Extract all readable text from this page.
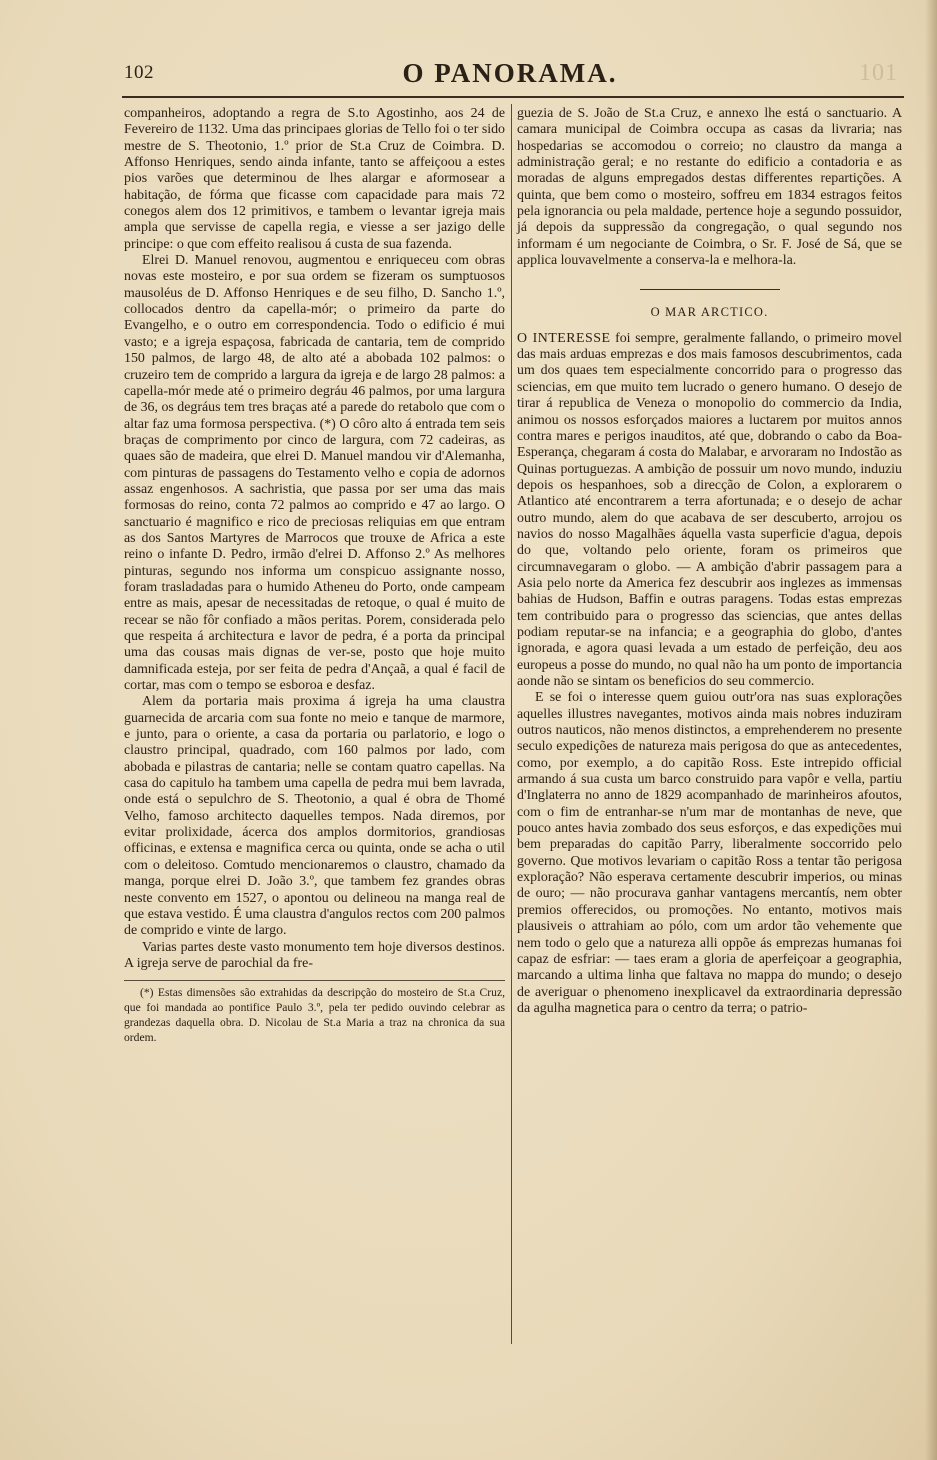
102	O PANORAMA.	101

companheiros, adoptando a regra de S.to Agostinho, aos 24 de Fevereiro de 1132. Uma das principaes glorias de Tello foi o ter sido mestre de S. Theotonio, 1.º prior de St.a Cruz de Coimbra. D. Affonso Henriques, sendo ainda infante, tanto se affeiçoou a estes pios varões que determinou de lhes alargar e aformosear a habitação, de fórma que ficasse com capacidade para mais 72 conegos alem dos 12 primitivos, e tambem o levantar igreja mais ampla que servisse de capella regia, e viesse a ser jazigo delle principe: o que com effeito realisou á custa de sua fazenda.

Elrei D. Manuel renovou, augmentou e enriqueceu com obras novas este mosteiro, e por sua ordem se fizeram os sumptuosos mausoléus de D. Affonso Henriques e de seu filho, D. Sancho 1.º, collocados dentro da capella-mór; o primeiro da parte do Evangelho, e o outro em correspondencia. Todo o edificio é mui vasto; e a igreja espaçosa, fabricada de cantaria, tem de comprido 150 palmos, de largo 48, de alto até a abobada 102 palmos: o cruzeiro tem de comprido a largura da igreja e de largo 28 palmos: a capella-mór mede até o primeiro degráu 46 palmos, por uma largura de 36, os degráus tem tres braças até a parede do retabolo que com o altar faz uma formosa perspectiva. (*) O côro alto á entrada tem seis braças de comprimento por cinco de largura, com 72 cadeiras, as quaes são de madeira, que elrei D. Manuel mandou vir d'Alemanha, com pinturas de passagens do Testamento velho e copia de adornos assaz engenhosos. A sachristia, que passa por ser uma das mais formosas do reino, conta 72 palmos ao comprido e 47 ao largo. O sanctuario é magnifico e rico de preciosas reliquias em que entram as dos Santos Martyres de Marrocos que trouxe de Africa a este reino o infante D. Pedro, irmão d'elrei D. Affonso 2.º As melhores pinturas, segundo nos informa um conspicuo assignante nosso, foram trasladadas para o humido Atheneu do Porto, onde campeam entre as mais, apesar de necessitadas de retoque, o qual é muito de recear se não fôr confiado a mãos peritas. Porem, considerada pelo que respeita á architectura e lavor de pedra, é a porta da principal uma das cousas mais dignas de ver-se, posto que hoje muito damnificada esteja, por ser feita de pedra d'Ançaã, a qual é facil de cortar, mas com o tempo se esboroa e desfaz.

Alem da portaria mais proxima á igreja ha uma claustra guarnecida de arcaria com sua fonte no meio e tanque de marmore, e junto, para o oriente, a casa da portaria ou parlatorio, e logo o claustro principal, quadrado, com 160 palmos por lado, com abobada e pilastras de cantaria; nelle se contam quatro capellas. Na casa do capitulo ha tambem uma capella de pedra mui bem lavrada, onde está o sepulchro de S. Theotonio, a qual é obra de Thomé Velho, famoso architecto daquelles tempos. Nada diremos, por evitar prolixidade, ácerca dos amplos dormitorios, grandiosas officinas, e extensa e magnifica cerca ou quinta, onde se acha o util com o deleitoso. Comtudo mencionaremos o claustro, chamado da manga, porque elrei D. João 3.º, que tambem fez grandes obras neste convento em 1527, o apontou ou delineou na manga real de que estava vestido. É uma claustra d'angulos rectos com 200 palmos de comprido e vinte de largo.

Varias partes deste vasto monumento tem hoje diversos destinos. A igreja serve de parochial da fre-

(*) Estas dimensões são extrahidas da descripção do mosteiro de St.a Cruz, que foi mandada ao pontifice Paulo 3.º, pela ter pedido ouvindo celebrar as grandezas daquella obra. D. Nicolau de St.a Maria a traz na chronica da sua ordem.

guezia de S. João de St.a Cruz, e annexo lhe está o sanctuario. A camara municipal de Coimbra occupa as casas da livraria; nas hospedarias se accomodou o correio; no claustro da manga a administração geral; e no restante do edificio a contadoria e as moradas de alguns empregados destas differentes repartições. A quinta, que bem como o mosteiro, soffreu em 1834 estragos feitos pela ignorancia ou pela maldade, pertence hoje a segundo possuidor, já depois da suppressão da congregação, o qual segundo nos informam é um negociante de Coimbra, o Sr. F. José de Sá, que se applica louvavelmente a conserva-la e melhora-la.

O MAR ARCTICO.

O INTERESSE foi sempre, geralmente fallando, o primeiro movel das mais arduas emprezas e dos mais famosos descubrimentos, cada um dos quaes tem especialmente concorrido para o progresso das sciencias, em que muito tem lucrado o genero humano. O desejo de tirar á republica de Veneza o monopolio do commercio da India, animou os nossos esforçados maiores a luctarem por muitos annos contra mares e perigos inauditos, até que, dobrando o cabo da Boa-Esperança, chegaram á costa do Malabar, e arvoraram no Indostão as Quinas portuguezas. A ambição de possuir um novo mundo, induziu depois os hespanhoes, sob a direcção de Colon, a explorarem o Atlantico até encontrarem a terra afortunada; e o desejo de achar outro mundo, alem do que acabava de ser descuberto, arrojou os navios do nosso Magalhães áquella vasta superficie d'agua, depois do que, voltando pelo oriente, foram os primeiros que circumnavegaram o globo. — A ambição d'abrir passagem para a Asia pelo norte da America fez descubrir aos inglezes as immensas bahias de Hudson, Baffin e outras paragens. Todas estas emprezas tem contribuido para o progresso das sciencias, que antes dellas podiam reputar-se na infancia; e a geographia do globo, d'antes ignorada, e agora quasi levada a um estado de perfeição, deu aos europeus a posse do mundo, no qual não ha um ponto de importancia aonde não se sintam os beneficios do seu commercio.

E se foi o interesse quem guiou outr'ora nas suas explorações aquelles illustres navegantes, motivos ainda mais nobres induziram outros nauticos, não menos distinctos, a emprehenderem no presente seculo expedições de natureza mais perigosa do que as antecedentes, como, por exemplo, a do capitão Ross. Este intrepido official armando á sua custa um barco construido para vapôr e vella, partiu d'Inglaterra no anno de 1829 acompanhado de marinheiros afoutos, com o fim de entranhar-se n'um mar de montanhas de neve, que pouco antes havia zombado dos seus esforços, e das expedições mui bem preparadas do capitão Parry, liberalmente soccorrido pelo governo. Que motivos levariam o capitão Ross a tentar tão perigosa exploração? Não esperava certamente descubrir imperios, ou minas de ouro; — não procurava ganhar vantagens mercantís, nem obter premios offerecidos, ou promoções. No entanto, motivos mais plausiveis o attrahiam ao pólo, com um ardor tão vehemente que nem todo o gelo que a natureza alli oppõe ás emprezas humanas foi capaz de esfriar: — taes eram a gloria de aperfeiçoar a geographia, marcando a ultima linha que faltava no mappa do mundo; o desejo de averiguar o phenomeno inexplicavel da extraordinaria depressão da agulha magnetica para o centro da terra; o patrio-
